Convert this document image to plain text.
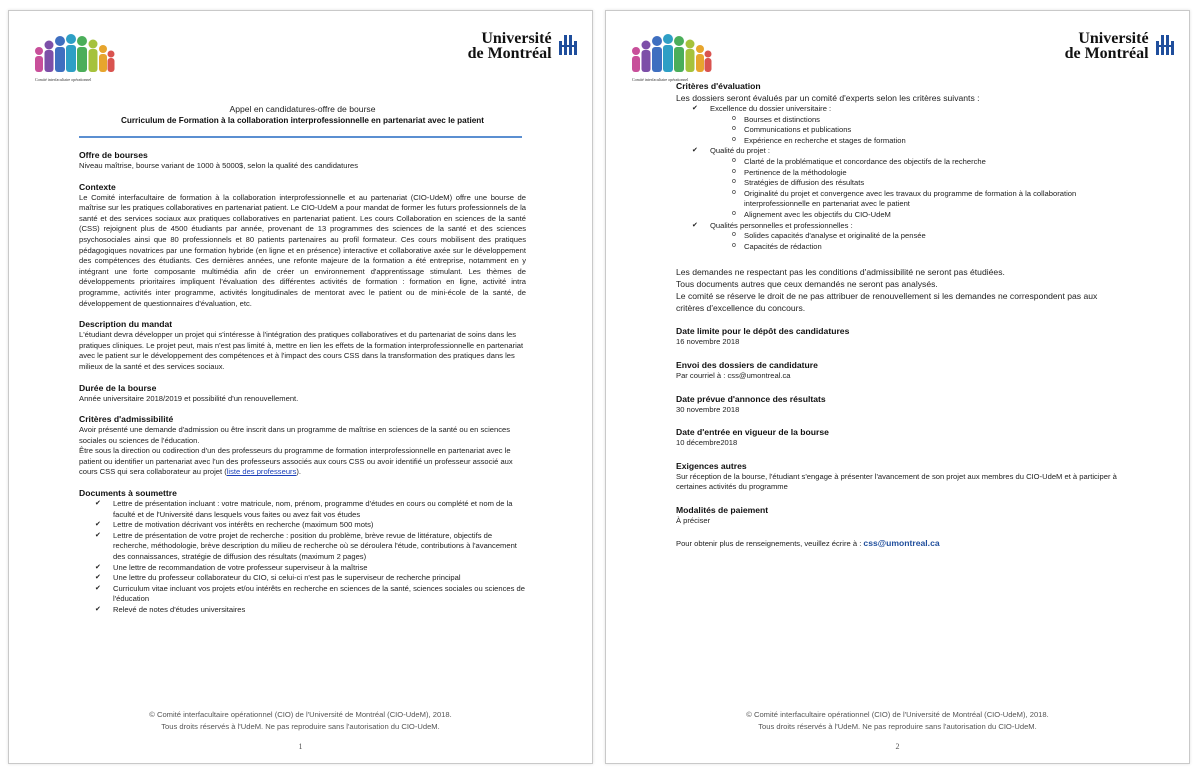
Comité interfacultaire opérationnel
Université
de Montréal
Appel en candidatures-offre de bourse
Curriculum de Formation à la collaboration interprofessionnelle en partenariat avec le patient
Offre de bourses
Niveau maîtrise, bourse variant de 1000 à 5000$, selon la qualité des candidatures
Contexte
Le Comité interfacultaire de formation à la collaboration interprofessionnelle et au partenariat (CIO-UdeM) offre une bourse de maîtrise sur les pratiques collaboratives en partenariat patient. Le CIO-UdeM a pour mandat de former les futurs professionnels de la santé et des services sociaux aux pratiques collaboratives en partenariat patient. Les cours Collaboration en sciences de la santé (CSS) rejoignent plus de 4500 étudiants par année, provenant de 13 programmes des sciences de la santé et des sciences psychosociales ainsi que 80 professionnels et 80 patients partenaires au profil formateur. Ces cours mobilisent des pratiques pédagogiques novatrices par une formation hybride (en ligne et en présence) interactive et collaborative axée sur le développement des compétences des étudiants. Ces dernières années, une refonte majeure de la formation a été entreprise, notamment en y intégrant une forte composante multimédia afin de créer un environnement d'apprentissage stimulant. Les thèmes de développements prioritaires impliquent l'évaluation des différentes activités de formation : formation en ligne, activité intra programme, activités inter programme, activités longitudinales de mentorat avec le patient ou de mini-école de la santé, de développement de questionnaires d'évaluation, etc.
Description du mandat
L'étudiant devra développer un projet qui s'intéresse à l'intégration des pratiques collaboratives et du partenariat de soins dans les pratiques cliniques. Le projet peut, mais n'est pas limité à, mettre en lien les effets de la formation interprofessionnelle en partenariat avec le patient sur le développement des compétences et à l'impact des cours CSS dans la transformation des pratiques dans les milieux de la santé et des services sociaux.
Durée de la bourse
Année universitaire 2018/2019 et possibilité d'un renouvellement.
Critères d'admissibilité
Avoir présenté une demande d'admission ou être inscrit dans un programme de maîtrise en sciences de la santé ou en sciences sociales ou sciences de l'éducation.
Être sous la direction ou codirection d'un des professeurs du programme de formation interprofessionnelle en partenariat avec le patient ou identifier un partenariat avec l'un des professeurs associés aux cours CSS ou avoir identifié un professeur associé aux cours CSS qui sera collaborateur au projet (liste des professeurs).
Documents à soumettre
✔ Lettre de présentation incluant : votre matricule, nom, prénom, programme d'études en cours ou complété et nom de la faculté et de l'Université dans lesquels vous faites ou avez fait vos études
✔ Lettre de motivation décrivant vos intérêts en recherche (maximum 500 mots)
✔ Lettre de présentation de votre projet de recherche : position du problème, brève revue de littérature, objectifs de recherche, méthodologie, brève description du milieu de recherche où se déroulera l'étude, contributions à l'avancement des connaissances, stratégie de diffusion des résultats (maximum 2 pages)
✔ Une lettre de recommandation de votre professeur superviseur à la maîtrise
✔ Une lettre du professeur collaborateur du CIO, si celui-ci n'est pas le superviseur de recherche principal
✔ Curriculum vitae incluant vos projets et/ou intérêts en recherche en sciences de la santé, sciences sociales ou sciences de l'éducation
✔ Relevé de notes d'études universitaires
© Comité interfacultaire opérationnel (CIO) de l'Université de Montréal (CIO-UdeM), 2018.
Tous droits réservés à l'UdeM. Ne pas reproduire sans l'autorisation du CIO-UdeM.
1
Comité interfacultaire opérationnel
Université
de Montréal
Critères d'évaluation
Les dossiers seront évalués par un comité d'experts selon les critères suivants :
✔ Excellence du dossier universitaire :
o Bourses et distinctions
o Communications et publications
o Expérience en recherche et stages de formation
✔ Qualité du projet :
o Clarté de la problématique et concordance des objectifs de la recherche
o Pertinence de la méthodologie
o Stratégies de diffusion des résultats
o Originalité du projet et convergence avec les travaux du programme de formation à la collaboration interprofessionnelle en partenariat avec le patient
o Alignement avec les objectifs du CIO-UdeM
✔ Qualités personnelles et professionnelles :
o Solides capacités d'analyse et originalité de la pensée
o Capacités de rédaction
Les demandes ne respectant pas les conditions d'admissibilité ne seront pas étudiées.
Tous documents autres que ceux demandés ne seront pas analysés.
Le comité se réserve le droit de ne pas attribuer de renouvellement si les demandes ne correspondent pas aux critères d'excellence du concours.
Date limite pour le dépôt des candidatures
16 novembre 2018
Envoi des dossiers de candidature
Par courriel à : css@umontreal.ca
Date prévue d'annonce des résultats
30 novembre 2018
Date d'entrée en vigueur de la bourse
10 décembre2018
Exigences autres
Sur réception de la bourse, l'étudiant s'engage à présenter l'avancement de son projet aux membres du CIO-UdeM et à participer à certaines activités du programme
Modalités de paiement
À préciser
Pour obtenir plus de renseignements, veuillez écrire à : css@umontreal.ca
© Comité interfacultaire opérationnel (CIO) de l'Université de Montréal (CIO-UdeM), 2018.
Tous droits réservés à l'UdeM. Ne pas reproduire sans l'autorisation du CIO-UdeM.
2
